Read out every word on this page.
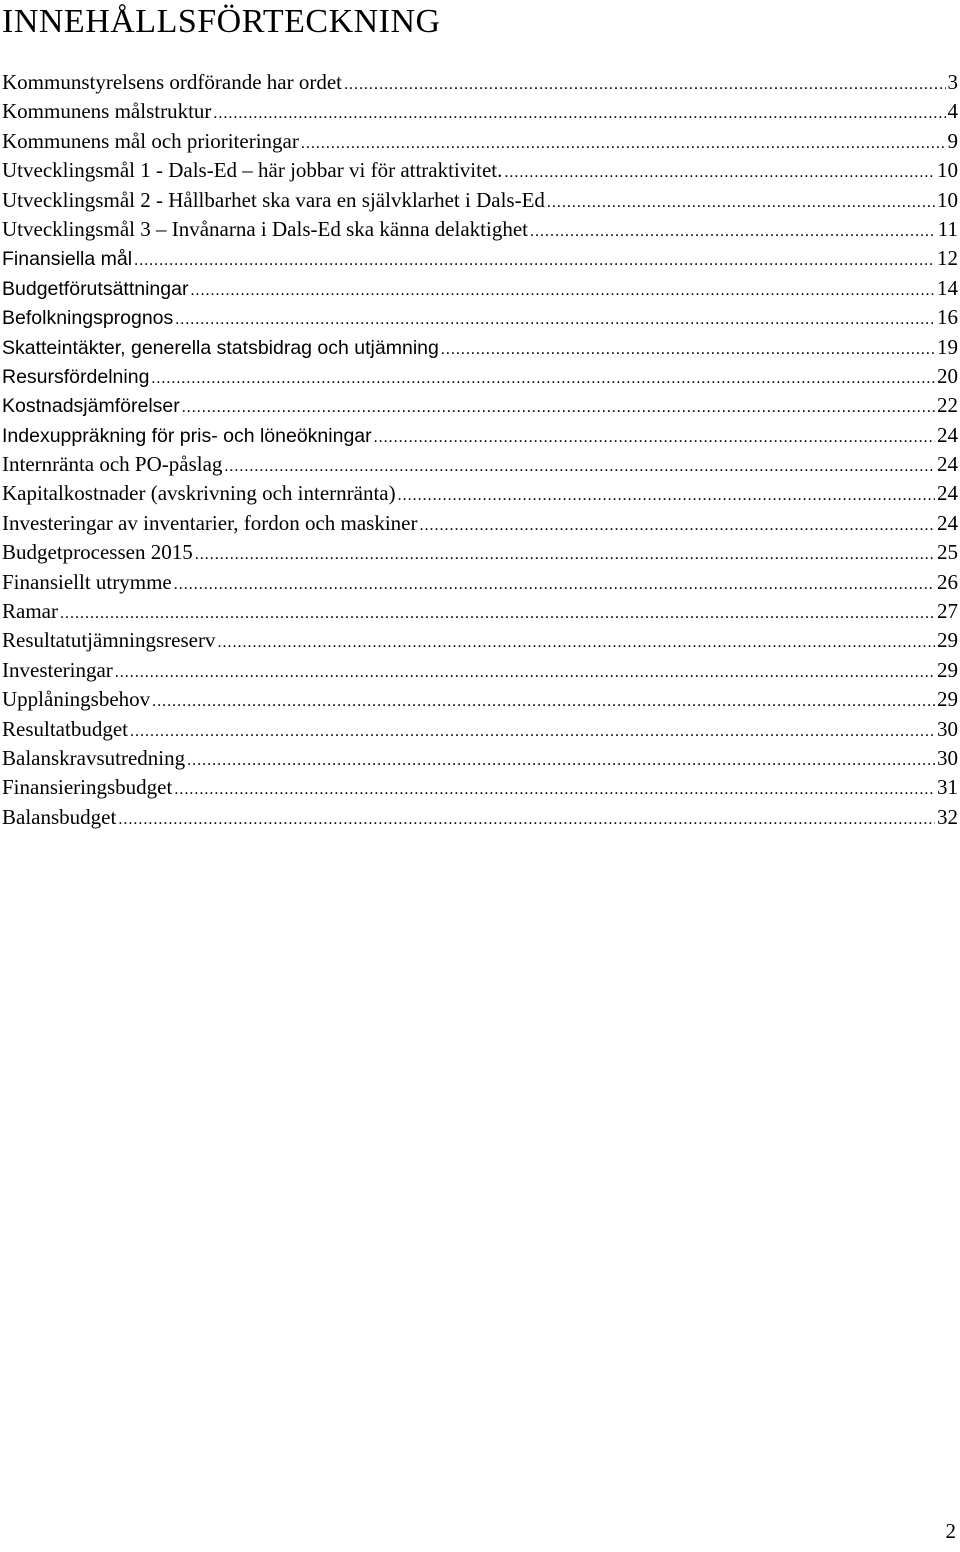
INNEHÅLLSFÖRTECKNING
Kommunstyrelsens ordförande har ordet .....	3
Kommunens målstruktur .....	4
Kommunens mål och prioriteringar .....	9
Utvecklingsmål 1 - Dals-Ed – här jobbar vi för attraktivitet. .....	10
Utvecklingsmål 2 - Hållbarhet ska vara en självklarhet i Dals-Ed .....	10
Utvecklingsmål 3 – Invånarna i Dals-Ed ska känna delaktighet .....	11
Finansiella mål .....	12
Budgetförutsättningar .....	14
Befolkningsprognos .....	16
Skatteintäkter, generella statsbidrag och utjämning .....	19
Resursfördelning .....	20
Kostnadsjämförelser .....	22
Indexuppräkning för pris- och löneökningar .....	24
Internränta och PO-påslag .....	24
Kapitalkostnader (avskrivning och internränta) .....	24
Investeringar av inventarier, fordon och maskiner .....	24
Budgetprocessen 2015 .....	25
Finansiellt utrymme .....	26
Ramar .....	27
Resultatutjämningsreserv .....	29
Investeringar .....	29
Upplåningsbehov .....	29
Resultatbudget .....	30
Balanskravsutredning .....	30
Finansieringsbudget .....	31
Balansbudget .....	32
2
